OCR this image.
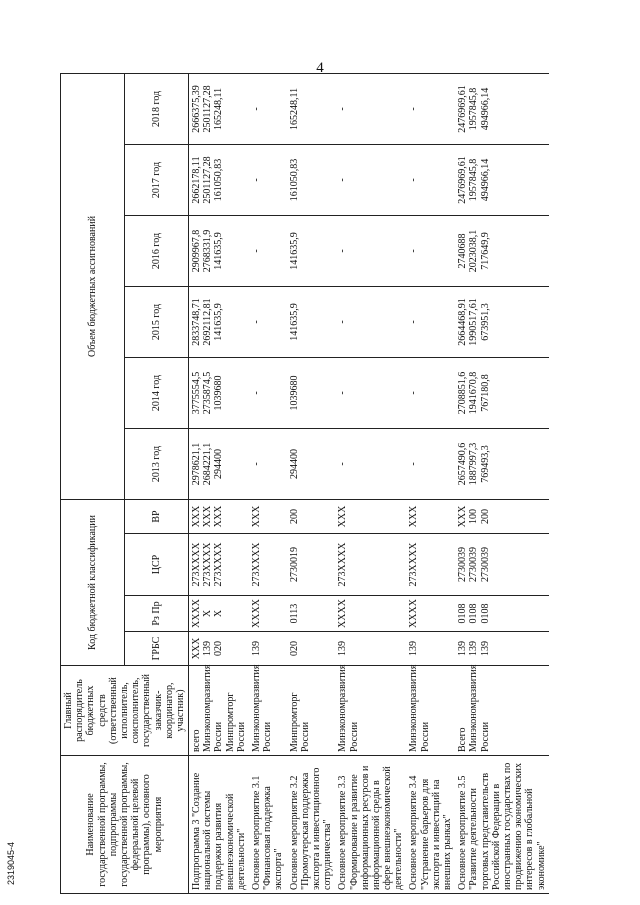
4
2319045-4
Наименование государственной программы, подпрограммы государственной программы, федеральной целевой программы), основного мероприятия	Главный распорядитель бюджетных средств (ответственный исполнитель, соисполнитель, государственный заказчик-координатор, участник)	Код бюджетной классификации				Объем бюджетных ассигнований					
		ГРБС	Рз Пр	ЦСР	ВР	2013 год	2014 год	2015 год	2016 год	2017 год	2018 год
Подпрограмма 3 "Создание национальной системы поддержки развития внешнеэкономической деятельности"	всего Минэкономразвития России Минпромторг России	XXX 139 020	XXXX X X	273XXXX 273XXXX 273XXXX	XXX XXX XXX	2978621,1 2684221,1 294400	3775554,5 2735874,5 1039680	2833748,71 2692112,81 141635,9	2909967,8 2768331,9 141635,9	2662178,11 2501127,28 161050,83	2666375,39 2501127,28 165248,11

Основное мероприятие 3.1 "Финансовая поддержка экспорта"	Минэкономразвития России	139	XXXX	273XXXX	XXX	-	-	-	-	-	-

Основное мероприятие 3.2 "Промоутерская поддержка экспорта и инвестиционного сотрудничества"	Минпромторг России	020	0113	2730019	200	294400	1039680	141635,9	141635,9	161050,83	165248,11

Основное мероприятие 3.3 "Формирование и развитие информационных ресурсов и информационной среды в сфере внешнеэкономической деятельности"	Минэкономразвития России	139	XXXX	273XXXX	XXX	-	-	-	-	-	-

Основное мероприятие 3.4 "Устранение барьеров для экспорта и инвестиций на внешних рынках"	Минэкономразвития России	139	XXXX	273XXXX	XXX	-	-	-	-	-	-

Основное мероприятие 3.5 "Развитие деятельности торговых представительств Российской Федерации в иностранных государствах по продвижению экономических интересов в глобальной экономике"	Всего Минэкономразвития России	139 139 139	0108 0108 0108	2730039 2730039 2730039	XXX 100 200	2657490,6 1887997,3 769493,3	2708851,6 1941670,8 767180,8	2664468,91 1990517,61 673951,3	2740688 2023038,1 717649,9	2476969,61 1957845,8 494966,14	2476969,61 1957845,8 494966,14
